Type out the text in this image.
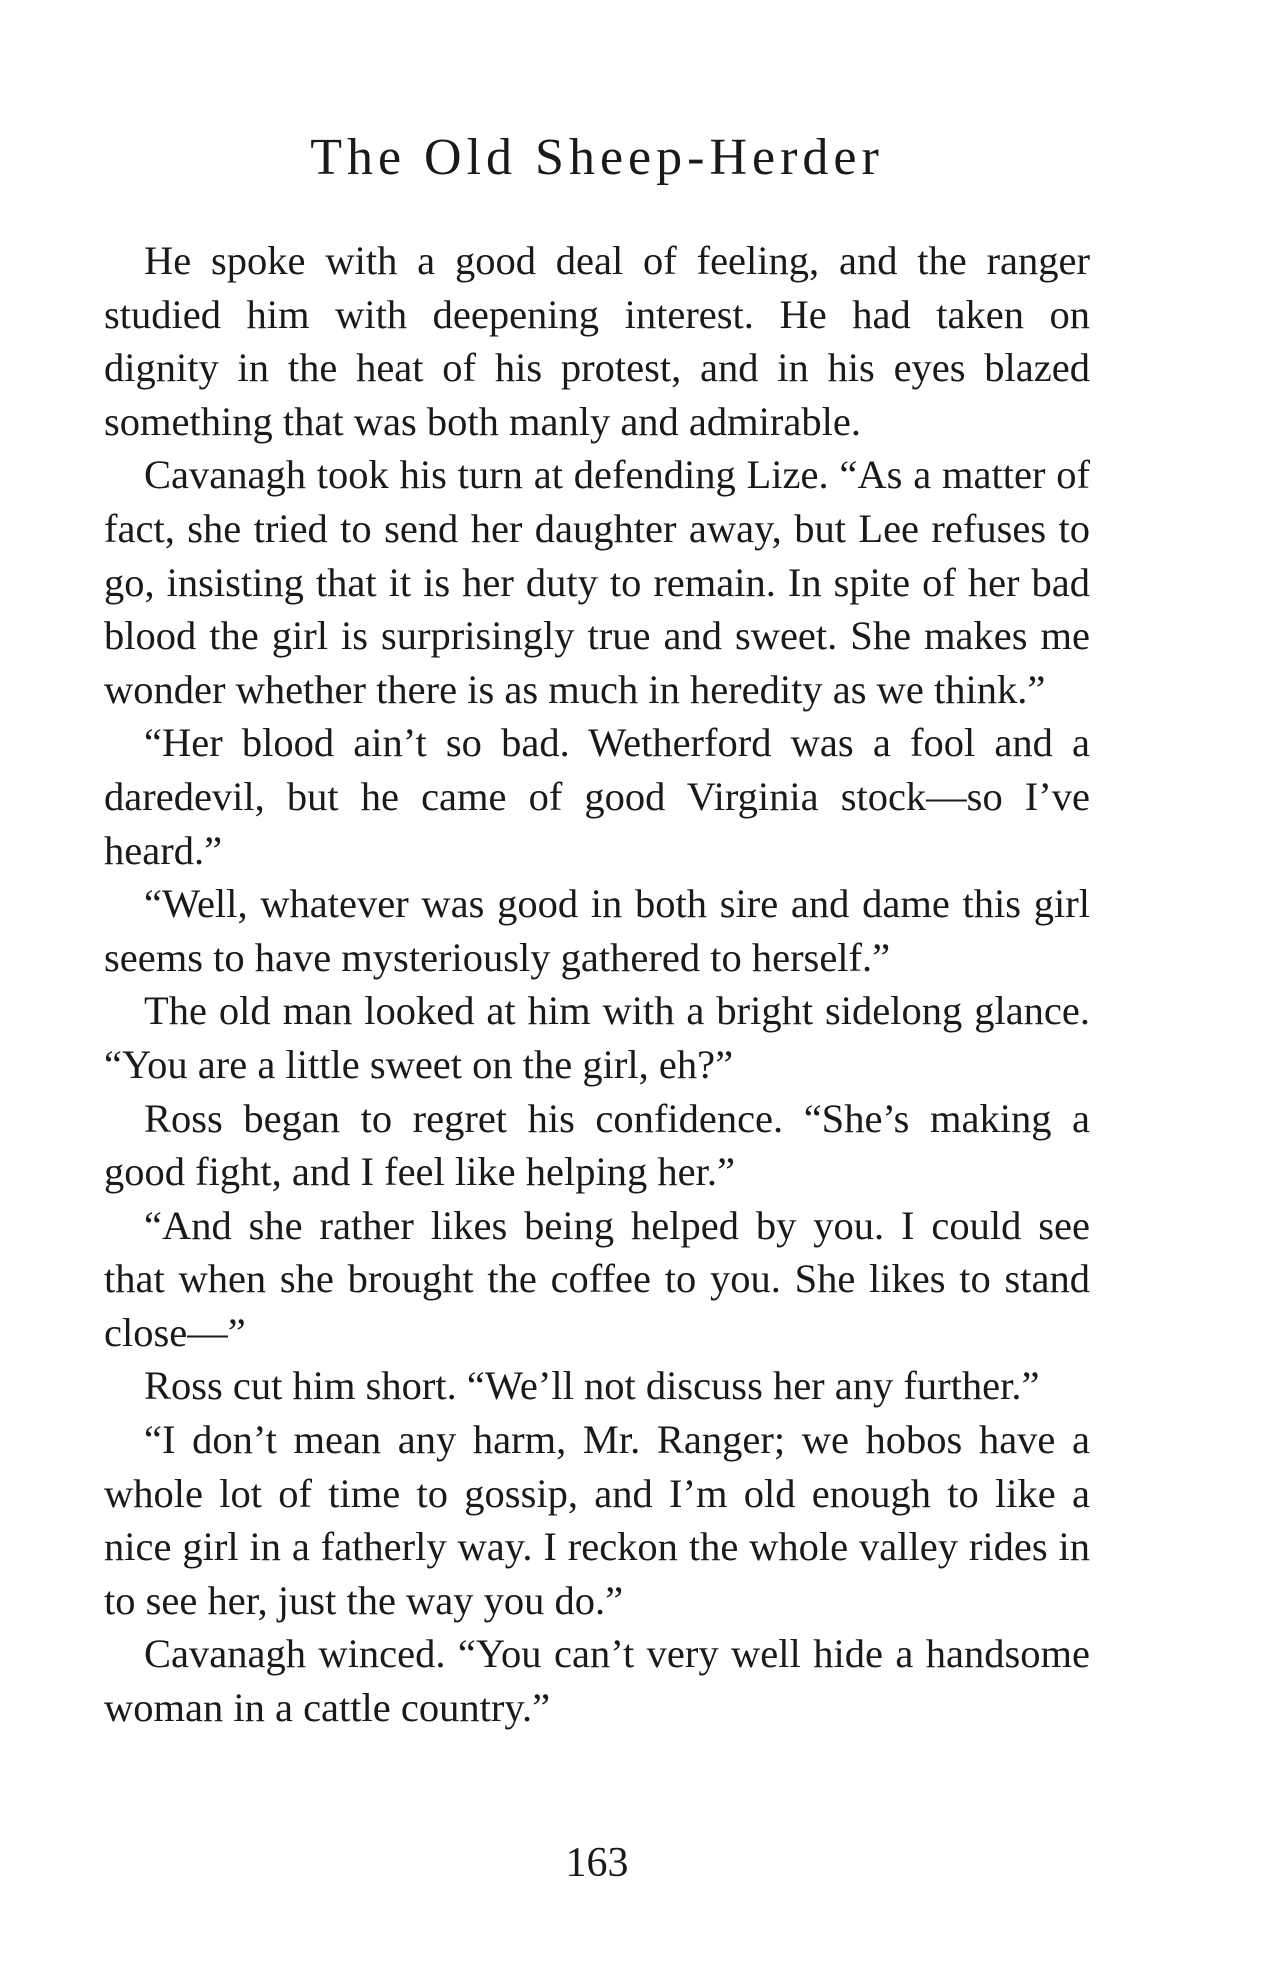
The Old Sheep-Herder

He spoke with a good deal of feeling, and the ranger studied him with deepening interest. He had taken on dignity in the heat of his protest, and in his eyes blazed something that was both manly and admirable.

Cavanagh took his turn at defending Lize. “As a matter of fact, she tried to send her daughter away, but Lee refuses to go, insisting that it is her duty to remain. In spite of her bad blood the girl is surprisingly true and sweet. She makes me wonder whether there is as much in heredity as we think.”

“Her blood ain’t so bad. Wetherford was a fool and a daredevil, but he came of good Virginia stock—so I’ve heard.”

“Well, whatever was good in both sire and dame this girl seems to have mysteriously gathered to herself.”

The old man looked at him with a bright sidelong glance. “You are a little sweet on the girl, eh?”

Ross began to regret his confidence. “She’s making a good fight, and I feel like helping her.”

“And she rather likes being helped by you. I could see that when she brought the coffee to you. She likes to stand close—”

Ross cut him short. “We’ll not discuss her any further.”

“I don’t mean any harm, Mr. Ranger; we hobos have a whole lot of time to gossip, and I’m old enough to like a nice girl in a fatherly way. I reckon the whole valley rides in to see her, just the way you do.”

Cavanagh winced. “You can’t very well hide a handsome woman in a cattle country.”

163
